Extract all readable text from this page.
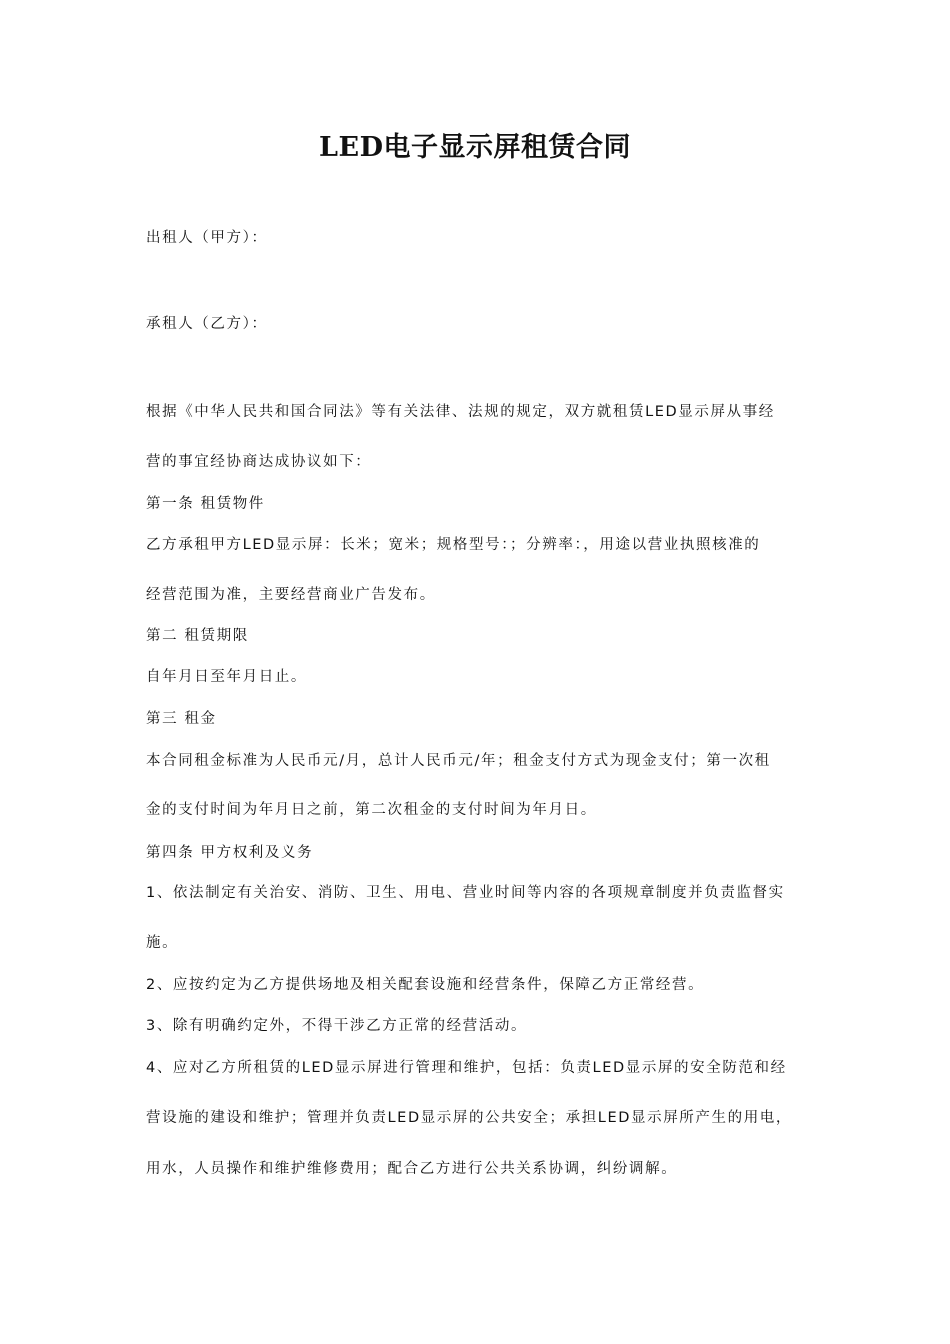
LED电子显示屏租赁合同
出租人（甲方）：
承租人（乙方）：
根据《中华人民共和国合同法》等有关法律、法规的规定，双方就租赁LED显示屏从事经
营的事宜经协商达成协议如下：
第一条 租赁物件
乙方承租甲方LED显示屏：长米；宽米；规格型号：；分辨率：，用途以营业执照核准的
经营范围为准，主要经营商业广告发布。
第二 租赁期限
自年月日至年月日止。
第三 租金
本合同租金标准为人民币元/月，总计人民币元/年；租金支付方式为现金支付；第一次租
金的支付时间为年月日之前，第二次租金的支付时间为年月日。
第四条 甲方权利及义务
1、依法制定有关治安、消防、卫生、用电、营业时间等内容的各项规章制度并负责监督实
施。
2、应按约定为乙方提供场地及相关配套设施和经营条件，保障乙方正常经营。
3、除有明确约定外，不得干涉乙方正常的经营活动。
4、应对乙方所租赁的LED显示屏进行管理和维护，包括：负责LED显示屏的安全防范和经
营设施的建设和维护；管理并负责LED显示屏的公共安全；承担LED显示屏所产生的用电，
用水，人员操作和维护维修费用；配合乙方进行公共关系协调，纠纷调解。
